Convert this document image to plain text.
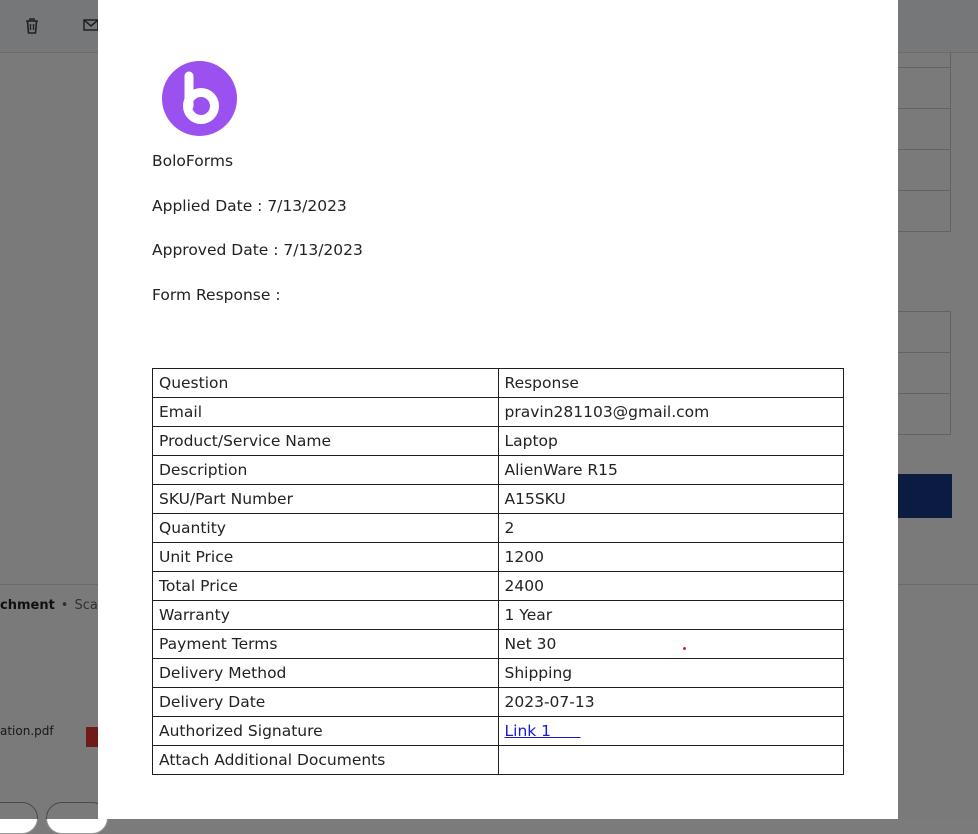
BoloForms
Applied Date : 7/13/2023
Approved Date : 7/13/2023
Form Response :
Question	Response
Email	pravin281103@gmail.com
Product/Service Name	Laptop
Description	AlienWare R15
SKU/Part Number	A15SKU
Quantity	2
Unit Price	1200
Total Price	2400
Warranty	1 Year
Payment Terms	Net 30
Delivery Method	Shipping
Delivery Date	2023-07-13
Authorized Signature	Link 1
Attach Additional Documents	
